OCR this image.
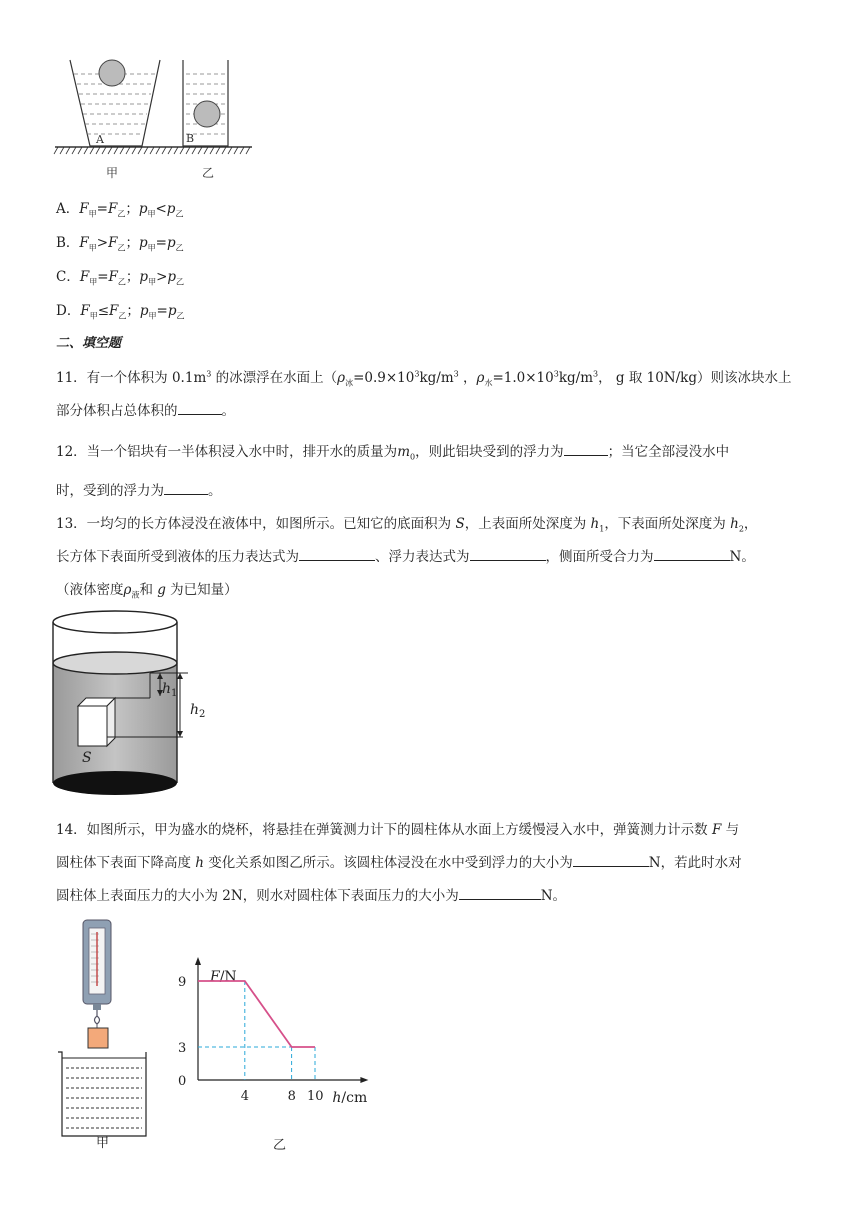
A	B
甲	乙
A．$F_甲=F_乙$；$p_甲<p_乙$
B．$F_甲>F_乙$；$p_甲=p_乙$
C．$F_甲=F_乙$；$p_甲>p_乙$
D．$F_甲\le F_乙$；$p_甲=p_乙$
二、填空题
11．有一个体积为 $0.1m^3$ 的冰漂浮在水面上（$\rho_冰=0.9\times 10^3kg/m^3$ ，$\rho_水=1.0\times 10^3kg/m^3$， g 取 10N/kg）则该冰块水上
部分体积占总体积的	。
12．当一个铝块有一半体积浸入水中时，排开水的质量为$m_0$，则此铝块受到的浮力为	；当它全部浸没水中
时，受到的浮力为	。
13．一均匀的长方体浸没在液体中，如图所示。已知它的底面积为 S，上表面所处深度为 $h_1$，下表面所处深度为 $h_2$，
长方体下表面所受到液体的压力表达式为	、浮力表达式为	，侧面所受合力为	N。
（液体密度$\rho_液$和 g 为已知量）
$h_1$
$h_2$
S
14．如图所示，甲为盛水的烧杯，将悬挂在弹簧测力计下的圆柱体从水面上方缓慢浸入水中，弹簧测力计示数 F 与
圆柱体下表面下降高度 h 变化关系如图乙所示。该圆柱体浸没在水中受到浮力的大小为	N，若此时水对
圆柱体上表面压力的大小为 2N，则水对圆柱体下表面压力的大小为	N。
甲
F/N
h/cm
0
9
3
4	8 10
乙
